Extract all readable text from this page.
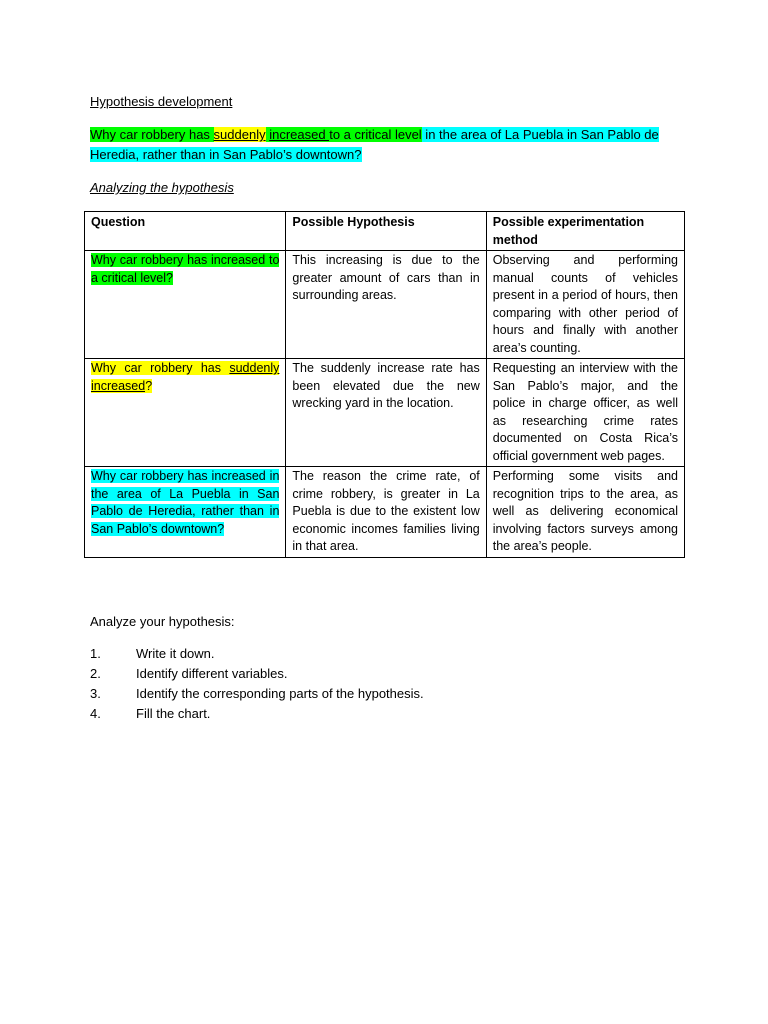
Hypothesis development
Why car robbery has suddenly increased to a critical level in the area of La Puebla in San Pablo de Heredia, rather than in San Pablo’s downtown?
Analyzing the hypothesis
Question	Possible Hypothesis	Possible experimentation method
Why car robbery has increased to a critical level?	This increasing is due to the greater amount of cars than in surrounding areas.	Observing and performing manual counts of vehicles present in a period of hours, then comparing with other period of hours and finally with another area’s counting.
Why car robbery has suddenly increased?	The suddenly increase rate has been elevated due the new wrecking yard in the location.	Requesting an interview with the San Pablo’s major, and the police in charge officer, as well as researching crime rates documented on Costa Rica’s official government web pages.
Why car robbery has increased in the area of La Puebla in San Pablo de Heredia, rather than in San Pablo’s downtown?	The reason the crime rate, of crime robbery, is greater in La Puebla is due to the existent low economic incomes families living in that area.	Performing some visits and recognition trips to the area, as well as delivering economical involving factors surveys among the area’s people.
Analyze your hypothesis:
1.	Write it down.
2.	Identify different variables.
3.	Identify the corresponding parts of the hypothesis.
4.	Fill the chart.
